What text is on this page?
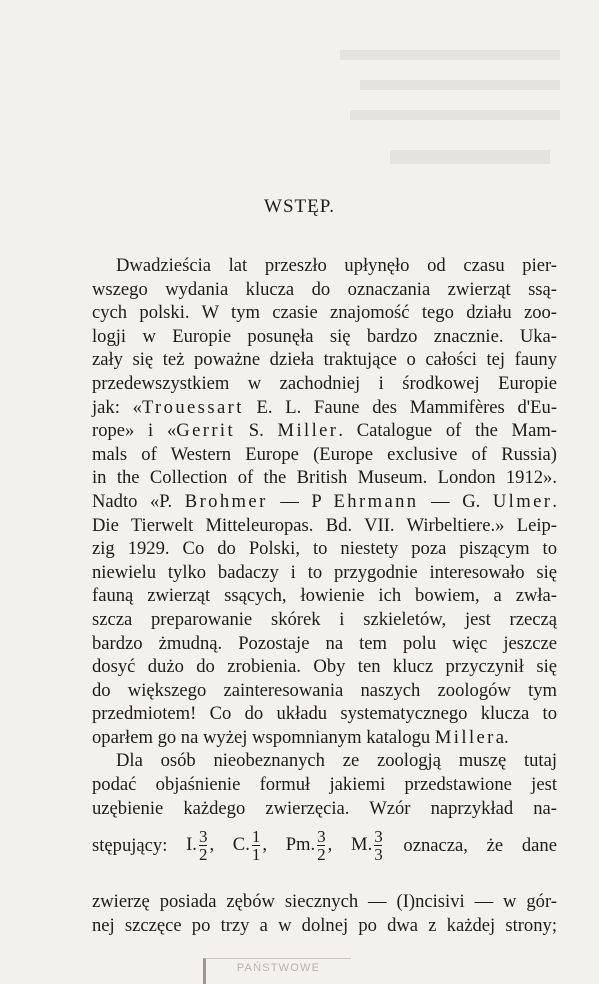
WSTĘP.
Dwadzieścia lat przeszło upłynęło od czasu pier-
wszego wydania klucza do oznaczania zwierząt ssą-
cych polski. W tym czasie znajomość tego działu zoo-
logji w Europie posunęła się bardzo znacznie. Uka-
zały się też poważne dzieła traktujące o całości tej fauny
przedewszystkiem w zachodniej i środkowej Europie
jak: «Trouessart E. L. Faune des Mammifères d'Eu-
rope» i «Gerrit S. Miller. Catalogue of the Mam-
mals of Western Europe (Europe exclusive of Russia)
in the Collection of the British Museum. London 1912».
Nadto «P. Brohmer — P Ehrmann — G. Ulmer.
Die Tierwelt Mitteleuropas. Bd. VII. Wirbeltiere.» Leip-
zig 1929. Co do Polski, to niestety poza piszącym to
niewielu tylko badaczy i to przygodnie interesowało się
fauną zwierząt ssących, łowienie ich bowiem, a zwła-
szcza preparowanie skórek i szkieletów, jest rzeczą
bardzo żmudną. Pozostaje na tem polu więc jeszcze
dosyć dużo do zrobienia. Oby ten klucz przyczynił się
do większego zainteresowania naszych zoologów tym
przedmiotem! Co do układu systematycznego klucza to
oparłem go na wyżej wspomnianym katalogu Millera.
Dla osób nieobeznanych ze zoologją muszę tutaj
podać objaśnienie formuł jakiemi przedstawione jest
uzębienie każdego zwierzęcia. Wzór naprzykład na-
stępujący: I. $\frac{3}{2}$ , C. $\frac{1}{1}$ , Pm. $\frac{3}{2}$ , M. $\frac{3}{3}$ oznacza, że dane
zwierzę posiada zębów siecznych — (I)ncisivi — w gór-
nej szczęce po trzy a w dolnej po dwa z każdej strony;
PAŃSTWOWE
